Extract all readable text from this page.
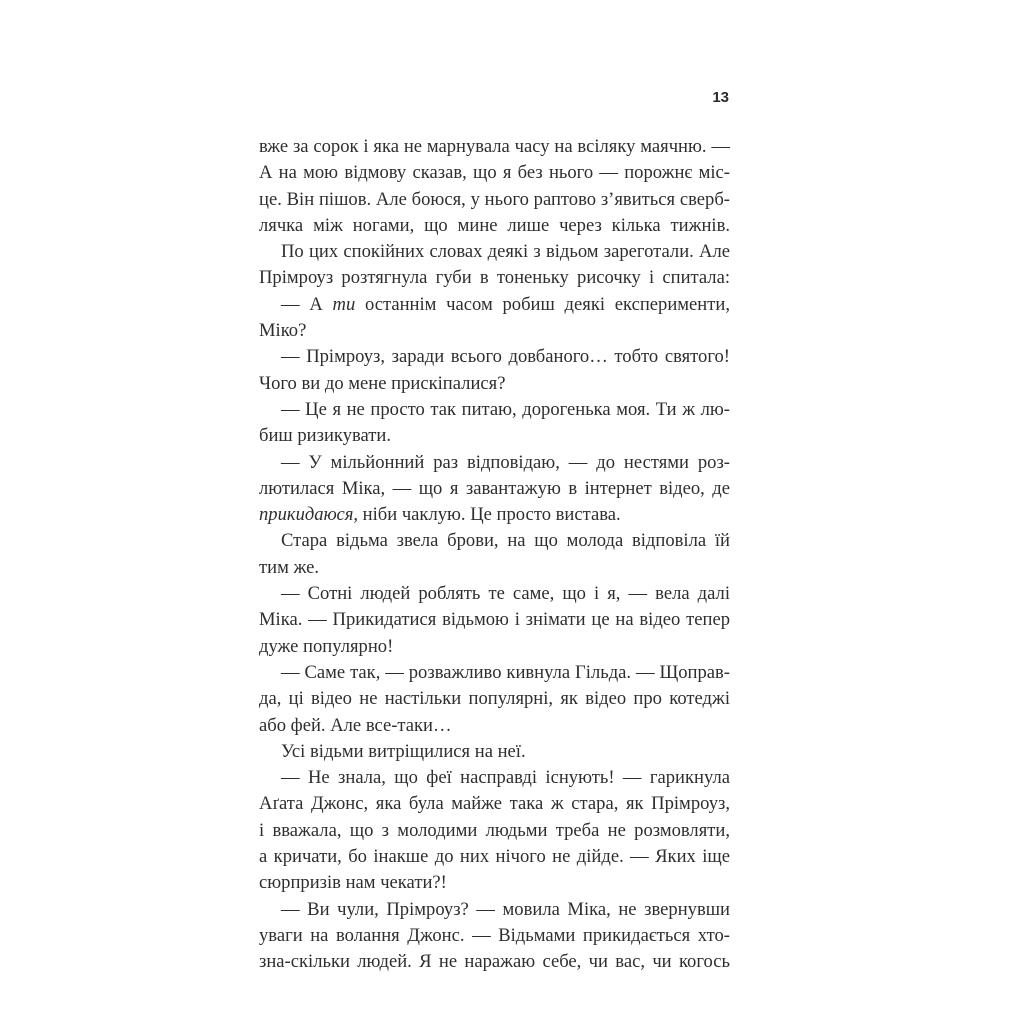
13
вже за сорок і яка не марнувала часу на всіляку маячню. —
А на мою відмову сказав, що я без нього — порожнє міс-
це. Він пішов. Але боюся, у нього раптово з’явиться сверб-
лячка між ногами, що мине лише через кілька тижнів.
По цих спокійних словах деякі з відьом зареготали. Але
Прімроуз розтягнула губи в тоненьку рисочку і спитала:
— А ти останнім часом робиш деякі експерименти,
Міко?
— Прімроуз, заради всього довбаного… тобто святого!
Чого ви до мене прискіпалися?
— Це я не просто так питаю, дорогенька моя. Ти ж лю-
биш ризикувати.
— У мільйонний раз відповідаю, — до нестями роз-
лютилася Міка, — що я завантажую в інтернет відео, де
прикидаюся, ніби чаклую. Це просто вистава.
Стара відьма звела брови, на що молода відповіла їй
тим же.
— Сотні людей роблять те саме, що і я, — вела далі
Міка. — Прикидатися відьмою і знімати це на відео тепер
дуже популярно!
— Саме так, — розважливо кивнула Гільда. — Щоправ-
да, ці відео не настільки популярні, як відео про котеджі
або фей. Але все-таки…
Усі відьми витріщилися на неї.
— Не знала, що феї насправді існують! — гарикнула
Аґата Джонс, яка була майже така ж стара, як Прімроуз,
і вважала, що з молодими людьми треба не розмовляти,
а кричати, бо інакше до них нічого не дійде. — Яких іще
сюрпризів нам чекати?!
— Ви чули, Прімроуз? — мовила Міка, не звернувши
уваги на волання Джонс. — Відьмами прикидається хто-
зна-скільки людей. Я не наражаю себе, чи вас, чи когось
